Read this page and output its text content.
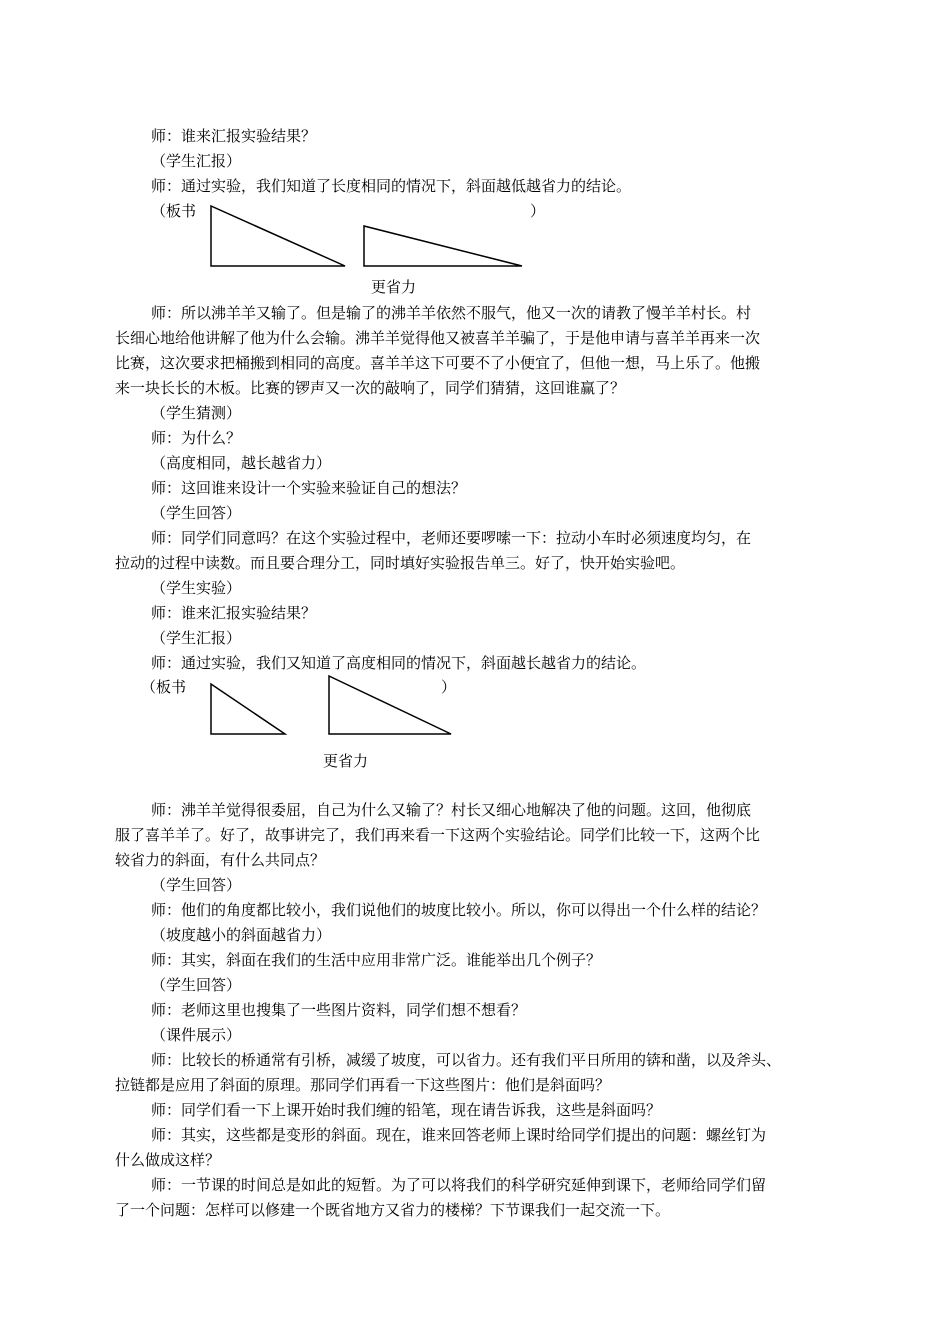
师：谁来汇报实验结果？
（学生汇报）
师：通过实验，我们知道了长度相同的情况下，斜面越低越省力的结论。
（板书	）
更省力
师：所以沸羊羊又输了。但是输了的沸羊羊依然不服气，他又一次的请教了慢羊羊村长。村
长细心地给他讲解了他为什么会输。沸羊羊觉得他又被喜羊羊骗了，于是他申请与喜羊羊再来一次
比赛，这次要求把桶搬到相同的高度。喜羊羊这下可要不了小便宜了，但他一想，马上乐了。他搬
来一块长长的木板。比赛的锣声又一次的敲响了，同学们猜猜，这回谁赢了？
（学生猜测）
师：为什么？
（高度相同，越长越省力）
师：这回谁来设计一个实验来验证自己的想法？
（学生回答）
师：同学们同意吗？在这个实验过程中，老师还要啰嗦一下：拉动小车时必须速度均匀，在
拉动的过程中读数。而且要合理分工，同时填好实验报告单三。好了，快开始实验吧。
（学生实验）
师：谁来汇报实验结果？
（学生汇报）
师：通过实验，我们又知道了高度相同的情况下，斜面越长越省力的结论。
（板书	）
更省力
师：沸羊羊觉得很委屈，自己为什么又输了？村长又细心地解决了他的问题。这回，他彻底
服了喜羊羊了。好了，故事讲完了，我们再来看一下这两个实验结论。同学们比较一下，这两个比
较省力的斜面，有什么共同点？
（学生回答）
师：他们的角度都比较小，我们说他们的坡度比较小。所以，你可以得出一个什么样的结论？
（坡度越小的斜面越省力）
师：其实，斜面在我们的生活中应用非常广泛。谁能举出几个例子？
（学生回答）
师：老师这里也搜集了一些图片资料，同学们想不想看？
（课件展示）
师：比较长的桥通常有引桥，减缓了坡度，可以省力。还有我们平日所用的锛和凿，以及斧头、
拉链都是应用了斜面的原理。那同学们再看一下这些图片：他们是斜面吗？
师：同学们看一下上课开始时我们缠的铅笔，现在请告诉我，这些是斜面吗？
师：其实，这些都是变形的斜面。现在，谁来回答老师上课时给同学们提出的问题：螺丝钉为
什么做成这样？
师：一节课的时间总是如此的短暂。为了可以将我们的科学研究延伸到课下，老师给同学们留
了一个问题：怎样可以修建一个既省地方又省力的楼梯？下节课我们一起交流一下。
